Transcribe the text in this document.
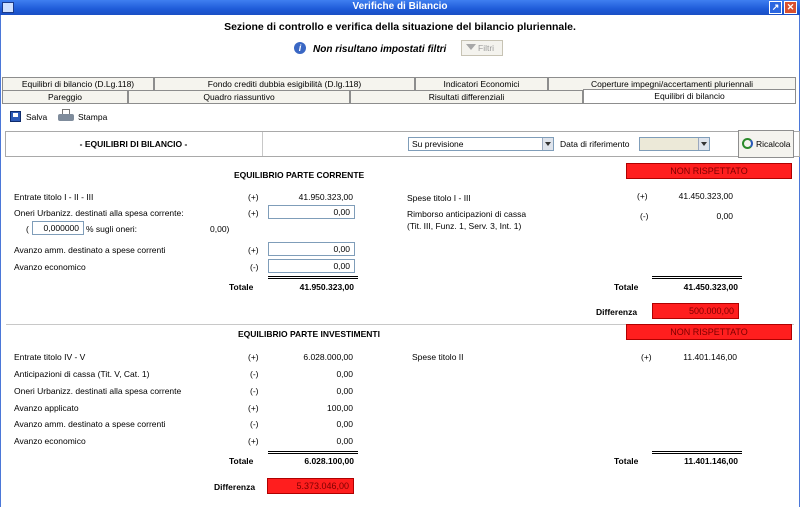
Verifiche di Bilancio	↗ ✕
Sezione di controllo e verifica della situazione del bilancio pluriennale.
i	Non risultano impostati filtri	Filtri
Equilibri di bilancio (D.Lg.118)	Fondo crediti dubbia esigibilità (D.lg.118)	Indicatori Economici	Coperture impegni/accertamenti pluriennali
Pareggio	Quadro riassuntivo	Risultati differenziali	Equilibri di bilancio
Salva	Stampa
- EQUILIBRI DI BILANCIO -	Su previsione	Data di riferimento	Ricalcola
EQUILIBRIO PARTE CORRENTE	NON RISPETTATO
Entrate titolo I - II - III	(+)	41.950.323,00
Oneri Urbanizz. destinati alla spesa corrente:	(+)	0,00
(	0,000000 % sugli oneri:	0,00)
Avanzo amm. destinato a spese correnti	(+)	0,00
Avanzo economico	(-)	0,00
Totale	41.950.323,00
Spese titolo I - III	(+)	41.450.323,00
Rimborso anticipazioni di cassa
(Tit. III, Funz. 1, Serv. 3, Int. 1)
(-)	0,00
Totale	41.450.323,00
Differenza	500.000,00
EQUILIBRIO PARTE INVESTIMENTI	NON RISPETTATO
Entrate titolo IV - V	(+)	6.028.000,00
Anticipazioni di cassa (Tit. V, Cat. 1)	(-)	0,00
Oneri Urbanizz. destinati alla spesa corrente	(-)	0,00
Avanzo applicato	(+)	100,00
Avanzo amm. destinato a spese correnti	(-)	0,00
Avanzo economico	(+)	0,00
Totale	6.028.100,00
Spese titolo II	(+)	11.401.146,00
Totale	11.401.146,00
Differenza	5.373.046,00
